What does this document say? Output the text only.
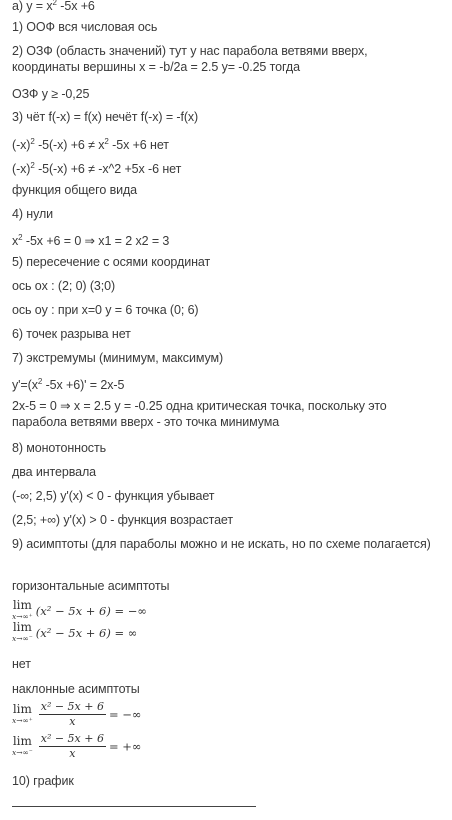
а) $y = x^2$ -5x +6
1) ООФ вся числовая ось
2) ОЗФ (область значений) тут у нас парабола ветвями вверх, координаты вершины x = -b/2a = 2.5 y= -0.25 тогда
ОЗФ y ≥ -0,25
3) чёт f(-x) = f(x) нечёт f(-x) = -f(x)
$(-x)^2$ $-5(-x) +6 \ne x^2$ -5x +6 нет
$(-x)^2$ -5(-x) +6 ≠ -x^2 +5x -6 нет
функция общего вида
4) нули
$x^2$ -5x +6 = 0 ⇒ x1 = 2 x2 = 3
5) пересечение с осями координат
ось ox : (2; 0) (3;0)
ось oy : при x=0 y = 6 точка (0; 6)
6) точек разрыва нет
7) экстремумы (минимум, максимум)
$y'=(x^2$ -5x +6)' = 2x-5
2x-5 = 0 ⇒ x = 2.5 y = -0.25 одна критическая точка, поскольку это парабола ветвями вверх - это точка минимума
8) монотонность
два интервала
(-∞; 2,5) y'(x) < 0 - функция убывает
(2,5; +∞) y'(x) > 0 - функция возрастает
9) асимптоты (для параболы можно и не искать, но по схеме полагается)
горизонтальные асимптоты
lim
x→∞⁺ (x² − 5x + 6) = −∞
lim
x→∞⁻ (x² − 5x + 6) = ∞
нет
наклонные асимптоты
lim
$x\to\infty^+ \frac{\text{x² − 5x + 6}}{x}$ = −∞
lim
$x\to\infty^- \frac{\text{x² − 5x + 6}}{x}$ = +∞
10) график
